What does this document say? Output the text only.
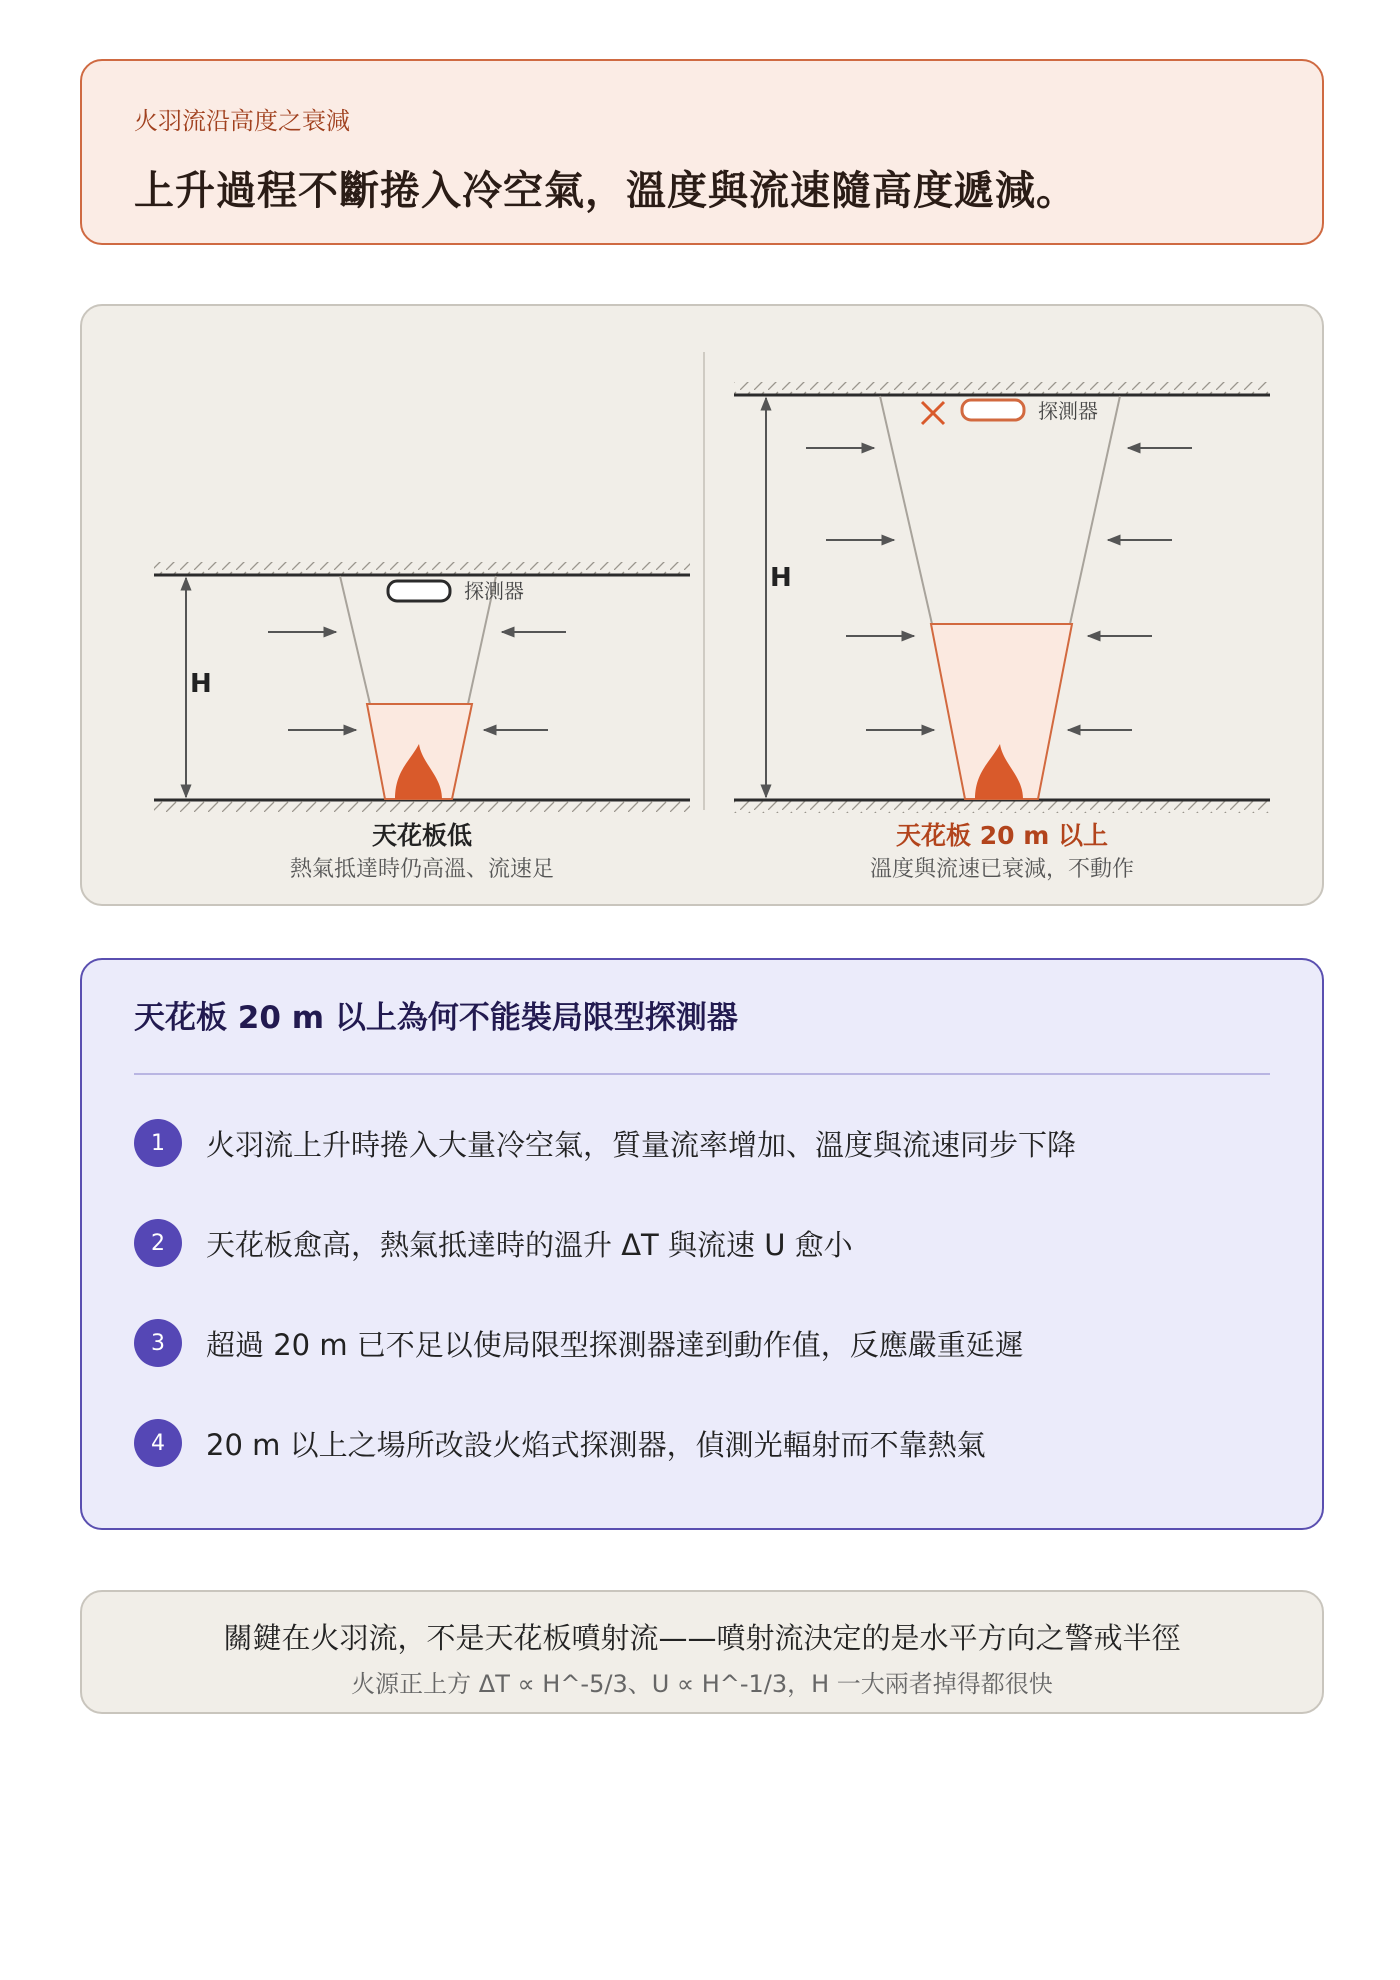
火羽流沿高度之衰減
上升過程不斷捲入冷空氣，溫度與流速隨高度遞減。
H
探測器	H
探測器
天花板低
熱氣抵達時仍高溫、流速足
天花板 20 m 以上
溫度與流速已衰減，不動作
天花板 20 m 以上為何不能裝局限型探測器
1	火羽流上升時捲入大量冷空氣，質量流率增加、溫度與流速同步下降
2	天花板愈高，熱氣抵達時的溫升 ΔT 與流速 U 愈小
3	超過 20 m 已不足以使局限型探測器達到動作值，反應嚴重延遲
4	20 m 以上之場所改設火焰式探測器，偵測光輻射而不靠熱氣
關鍵在火羽流，不是天花板噴射流——噴射流決定的是水平方向之警戒半徑
火源正上方 ΔT ∝ H^-5/3、U ∝ H^-1/3，H 一大兩者掉得都很快
